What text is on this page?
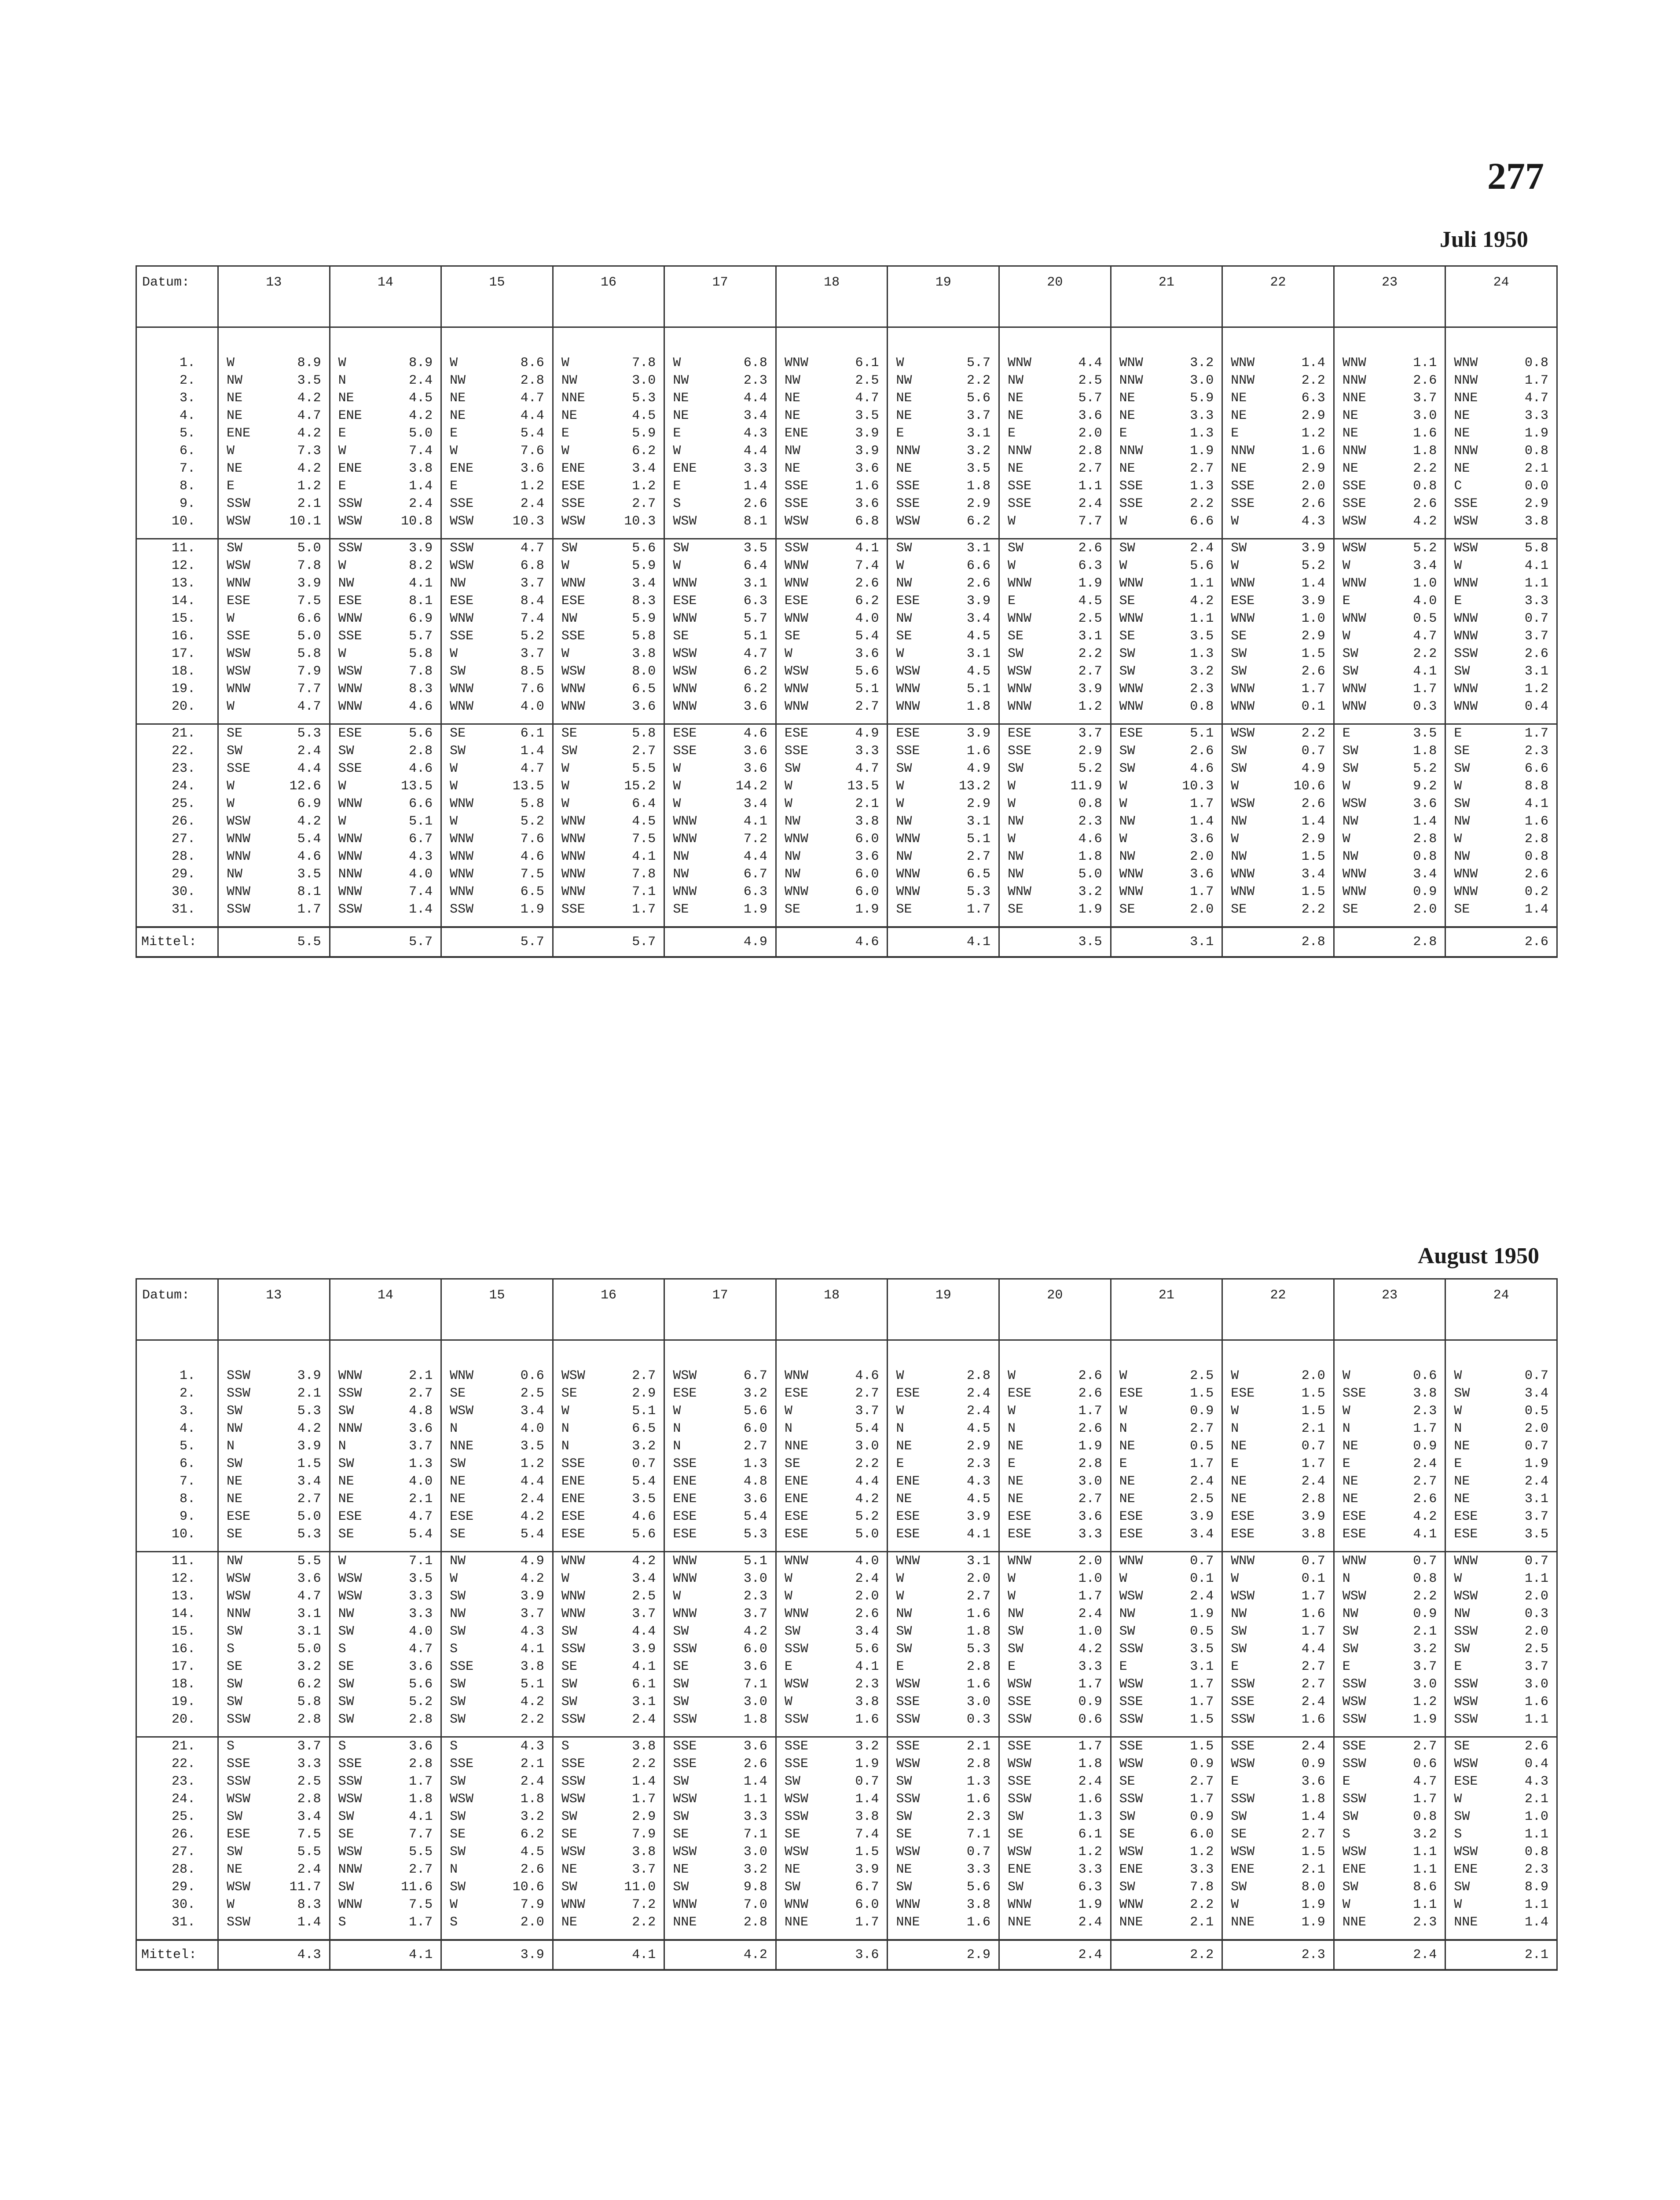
277
Juli 1950
August 1950
Datum:	13	14	15	16	17	18	19	20	21	22	23	24

1.	W 8.9	W 8.9	W 8.6	W 7.8	W 6.8	WNW 6.1	W 5.7	WNW 4.4	WNW 3.2	WNW 1.4	WNW 1.1	WNW 0.8

2.	NW 3.5	N 2.4	NW 2.8	NW 3.0	NW 2.3	NW 2.5	NW 2.2	NW 2.5	NNW 3.0	NNW 2.2	NNW 2.6	NNW 1.7

3.	NE 4.2	NE 4.5	NE 4.7	NNE 5.3	NE 4.4	NE 4.7	NE 5.6	NE 5.7	NE 5.9	NE 6.3	NNE 3.7	NNE 4.7

4.	NE 4.7	ENE 4.2	NE 4.4	NE 4.5	NE 3.4	NE 3.5	NE 3.7	NE 3.6	NE 3.3	NE 2.9	NE 3.0	NE 3.3

5.	ENE 4.2	E 5.0	E 5.4	E 5.9	E 4.3	ENE 3.9	E 3.1	E 2.0	E 1.3	E 1.2	NE 1.6	NE 1.9

6.	W 7.3	W 7.4	W 7.6	W 6.2	W 4.4	NW 3.9	NNW 3.2	NNW 2.8	NNW 1.9	NNW 1.6	NNW 1.8	NNW 0.8

7.	NE 4.2	ENE 3.8	ENE 3.6	ENE 3.4	ENE 3.3	NE 3.6	NE 3.5	NE 2.7	NE 2.7	NE 2.9	NE 2.2	NE 2.1

8.	E 1.2	E 1.4	E 1.2	ESE 1.2	E 1.4	SSE 1.6	SSE 1.8	SSE 1.1	SSE 1.3	SSE 2.0	SSE 0.8	C 0.0

9.	SSW 2.1	SSW 2.4	SSE 2.4	SSE 2.7	S 2.6	SSE 3.6	SSE 2.9	SSE 2.4	SSE 2.2	SSE 2.6	SSE 2.6	SSE 2.9

10.	WSW 10.1	WSW 10.8	WSW 10.3	WSW 10.3	WSW 8.1	WSW 6.8	WSW 6.2	W 7.7	W 6.6	W 4.3	WSW 4.2	WSW 3.8

11.	SW 5.0	SSW 3.9	SSW 4.7	SW 5.6	SW 3.5	SSW 4.1	SW 3.1	SW 2.6	SW 2.4	SW 3.9	WSW 5.2	WSW 5.8

12.	WSW 7.8	W 8.2	WSW 6.8	W 5.9	W 6.4	WNW 7.4	W 6.6	W 6.3	W 5.6	W 5.2	W 3.4	W 4.1

13.	WNW 3.9	NW 4.1	NW 3.7	WNW 3.4	WNW 3.1	WNW 2.6	NW 2.6	WNW 1.9	WNW 1.1	WNW 1.4	WNW 1.0	WNW 1.1

14.	ESE 7.5	ESE 8.1	ESE 8.4	ESE 8.3	ESE 6.3	ESE 6.2	ESE 3.9	E 4.5	SE 4.2	ESE 3.9	E 4.0	E 3.3

15.	W 6.6	WNW 6.9	WNW 7.4	NW 5.9	WNW 5.7	WNW 4.0	NW 3.4	WNW 2.5	WNW 1.1	WNW 1.0	WNW 0.5	WNW 0.7

16.	SSE 5.0	SSE 5.7	SSE 5.2	SSE 5.8	SE 5.1	SE 5.4	SE 4.5	SE 3.1	SE 3.5	SE 2.9	W 4.7	WNW 3.7

17.	WSW 5.8	W 5.8	W 3.7	W 3.8	WSW 4.7	W 3.6	W 3.1	SW 2.2	SW 1.3	SW 1.5	SW 2.2	SSW 2.6

18.	WSW 7.9	WSW 7.8	SW 8.5	WSW 8.0	WSW 6.2	WSW 5.6	WSW 4.5	WSW 2.7	SW 3.2	SW 2.6	SW 4.1	SW 3.1

19.	WNW 7.7	WNW 8.3	WNW 7.6	WNW 6.5	WNW 6.2	WNW 5.1	WNW 5.1	WNW 3.9	WNW 2.3	WNW 1.7	WNW 1.7	WNW 1.2

20.	W 4.7	WNW 4.6	WNW 4.0	WNW 3.6	WNW 3.6	WNW 2.7	WNW 1.8	WNW 1.2	WNW 0.8	WNW 0.1	WNW 0.3	WNW 0.4

21.	SE 5.3	ESE 5.6	SE 6.1	SE 5.8	ESE 4.6	ESE 4.9	ESE 3.9	ESE 3.7	ESE 5.1	WSW 2.2	E 3.5	E 1.7

22.	SW 2.4	SW 2.8	SW 1.4	SW 2.7	SSE 3.6	SSE 3.3	SSE 1.6	SSE 2.9	SW 2.6	SW 0.7	SW 1.8	SE 2.3

23.	SSE 4.4	SSE 4.6	W 4.7	W 5.5	W 3.6	SW 4.7	SW 4.9	SW 5.2	SW 4.6	SW 4.9	SW 5.2	SW 6.6

24.	W 12.6	W 13.5	W 13.5	W 15.2	W 14.2	W 13.5	W 13.2	W 11.9	W 10.3	W 10.6	W 9.2	W 8.8

25.	W 6.9	WNW 6.6	WNW 5.8	W 6.4	W 3.4	W 2.1	W 2.9	W 0.8	W 1.7	WSW 2.6	WSW 3.6	SW 4.1

26.	WSW 4.2	W 5.1	W 5.2	WNW 4.5	WNW 4.1	NW 3.8	NW 3.1	NW 2.3	NW 1.4	NW 1.4	NW 1.4	NW 1.6

27.	WNW 5.4	WNW 6.7	WNW 7.6	WNW 7.5	WNW 7.2	WNW 6.0	WNW 5.1	W 4.6	W 3.6	W 2.9	W 2.8	W 2.8

28.	WNW 4.6	WNW 4.3	WNW 4.6	WNW 4.1	NW 4.4	NW 3.6	NW 2.7	NW 1.8	NW 2.0	NW 1.5	NW 0.8	NW 0.8

29.	NW 3.5	NNW 4.0	WNW 7.5	WNW 7.8	NW 6.7	NW 6.0	WNW 6.5	NW 5.0	WNW 3.6	WNW 3.4	WNW 3.4	WNW 2.6

30.	WNW 8.1	WNW 7.4	WNW 6.5	WNW 7.1	WNW 6.3	WNW 6.0	WNW 5.3	WNW 3.2	WNW 1.7	WNW 1.5	WNW 0.9	WNW 0.2

31.	SSW 1.7	SSW 1.4	SSW 1.9	SSE 1.7	SE 1.9	SE 1.9	SE 1.7	SE 1.9	SE 2.0	SE 2.2	SE 2.0	SE 1.4

Mittel:	5.5	5.7	5.7	5.7	4.9	4.6	4.1	3.5	3.1	2.8	2.8	2.6
Datum:	13	14	15	16	17	18	19	20	21	22	23	24

1.	SSW 3.9	WNW 2.1	WNW 0.6	WSW 2.7	WSW 6.7	WNW 4.6	W 2.8	W 2.6	W 2.5	W 2.0	W 0.6	W 0.7

2.	SSW 2.1	SSW 2.7	SE 2.5	SE 2.9	ESE 3.2	ESE 2.7	ESE 2.4	ESE 2.6	ESE 1.5	ESE 1.5	SSE 3.8	SW 3.4

3.	SW 5.3	SW 4.8	WSW 3.4	W 5.1	W 5.6	W 3.7	W 2.4	W 1.7	W 0.9	W 1.5	W 2.3	W 0.5

4.	NW 4.2	NNW 3.6	N 4.0	N 6.5	N 6.0	N 5.4	N 4.5	N 2.6	N 2.7	N 2.1	N 1.7	N 2.0

5.	N 3.9	N 3.7	NNE 3.5	N 3.2	N 2.7	NNE 3.0	NE 2.9	NE 1.9	NE 0.5	NE 0.7	NE 0.9	NE 0.7

6.	SW 1.5	SW 1.3	SW 1.2	SSE 0.7	SSE 1.3	SE 2.2	E 2.3	E 2.8	E 1.7	E 1.7	E 2.4	E 1.9

7.	NE 3.4	NE 4.0	NE 4.4	ENE 5.4	ENE 4.8	ENE 4.4	ENE 4.3	NE 3.0	NE 2.4	NE 2.4	NE 2.7	NE 2.4

8.	NE 2.7	NE 2.1	NE 2.4	ENE 3.5	ENE 3.6	ENE 4.2	NE 4.5	NE 2.7	NE 2.5	NE 2.8	NE 2.6	NE 3.1

9.	ESE 5.0	ESE 4.7	ESE 4.2	ESE 4.6	ESE 5.4	ESE 5.2	ESE 3.9	ESE 3.6	ESE 3.9	ESE 3.9	ESE 4.2	ESE 3.7

10.	SE 5.3	SE 5.4	SE 5.4	ESE 5.6	ESE 5.3	ESE 5.0	ESE 4.1	ESE 3.3	ESE 3.4	ESE 3.8	ESE 4.1	ESE 3.5

11.	NW 5.5	W 7.1	NW 4.9	WNW 4.2	WNW 5.1	WNW 4.0	WNW 3.1	WNW 2.0	WNW 0.7	WNW 0.7	WNW 0.7	WNW 0.7

12.	WSW 3.6	WSW 3.5	W 4.2	W 3.4	WNW 3.0	W 2.4	W 2.0	W 1.0	W 0.1	W 0.1	N 0.8	W 1.1

13.	WSW 4.7	WSW 3.3	SW 3.9	WNW 2.5	W 2.3	W 2.0	W 2.7	W 1.7	WSW 2.4	WSW 1.7	WSW 2.2	WSW 2.0

14.	NNW 3.1	NW 3.3	NW 3.7	WNW 3.7	WNW 3.7	WNW 2.6	NW 1.6	NW 2.4	NW 1.9	NW 1.6	NW 0.9	NW 0.3

15.	SW 3.1	SW 4.0	SW 4.3	SW 4.4	SW 4.2	SW 3.4	SW 1.8	SW 1.0	SW 0.5	SW 1.7	SW 2.1	SSW 2.0

16.	S 5.0	S 4.7	S 4.1	SSW 3.9	SSW 6.0	SSW 5.6	SW 5.3	SW 4.2	SSW 3.5	SW 4.4	SW 3.2	SW 2.5

17.	SE 3.2	SE 3.6	SSE 3.8	SE 4.1	SE 3.6	E 4.1	E 2.8	E 3.3	E 3.1	E 2.7	E 3.7	E 3.7

18.	SW 6.2	SW 5.6	SW 5.1	SW 6.1	SW 7.1	WSW 2.3	WSW 1.6	WSW 1.7	WSW 1.7	SSW 2.7	SSW 3.0	SSW 3.0

19.	SW 5.8	SW 5.2	SW 4.2	SW 3.1	SW 3.0	W 3.8	SSE 3.0	SSE 0.9	SSE 1.7	SSE 2.4	WSW 1.2	WSW 1.6

20.	SSW 2.8	SW 2.8	SW 2.2	SSW 2.4	SSW 1.8	SSW 1.6	SSW 0.3	SSW 0.6	SSW 1.5	SSW 1.6	SSW 1.9	SSW 1.1

21.	S 3.7	S 3.6	S 4.3	S 3.8	SSE 3.6	SSE 3.2	SSE 2.1	SSE 1.7	SSE 1.5	SSE 2.4	SSE 2.7	SE 2.6

22.	SSE 3.3	SSE 2.8	SSE 2.1	SSE 2.2	SSE 2.6	SSE 1.9	WSW 2.8	WSW 1.8	WSW 0.9	WSW 0.9	SSW 0.6	WSW 0.4

23.	SSW 2.5	SSW 1.7	SW 2.4	SSW 1.4	SW 1.4	SW 0.7	SW 1.3	SSE 2.4	SE 2.7	E 3.6	E 4.7	ESE 4.3

24.	WSW 2.8	WSW 1.8	WSW 1.8	WSW 1.7	WSW 1.1	WSW 1.4	SSW 1.6	SSW 1.6	SSW 1.7	SSW 1.8	SSW 1.7	W 2.1

25.	SW 3.4	SW 4.1	SW 3.2	SW 2.9	SW 3.3	SSW 3.8	SW 2.3	SW 1.3	SW 0.9	SW 1.4	SW 0.8	SW 1.0

26.	ESE 7.5	SE 7.7	SE 6.2	SE 7.9	SE 7.1	SE 7.4	SE 7.1	SE 6.1	SE 6.0	SE 2.7	S 3.2	S 1.1

27.	SW 5.5	WSW 5.5	SW 4.5	WSW 3.8	WSW 3.0	WSW 1.5	WSW 0.7	WSW 1.2	WSW 1.2	WSW 1.5	WSW 1.1	WSW 0.8

28.	NE 2.4	NNW 2.7	N 2.6	NE 3.7	NE 3.2	NE 3.9	NE 3.3	ENE 3.3	ENE 3.3	ENE 2.1	ENE 1.1	ENE 2.3

29.	WSW 11.7	SW 11.6	SW 10.6	SW 11.0	SW 9.8	SW 6.7	SW 5.6	SW 6.3	SW 7.8	SW 8.0	SW 8.6	SW 8.9

30.	W 8.3	WNW 7.5	W 7.9	WNW 7.2	WNW 7.0	WNW 6.0	WNW 3.8	WNW 1.9	WNW 2.2	W 1.9	W 1.1	W 1.1

31.	SSW 1.4	S 1.7	S 2.0	NE 2.2	NNE 2.8	NNE 1.7	NNE 1.6	NNE 2.4	NNE 2.1	NNE 1.9	NNE 2.3	NNE 1.4

Mittel:	4.3	4.1	3.9	4.1	4.2	3.6	2.9	2.4	2.2	2.3	2.4	2.1
